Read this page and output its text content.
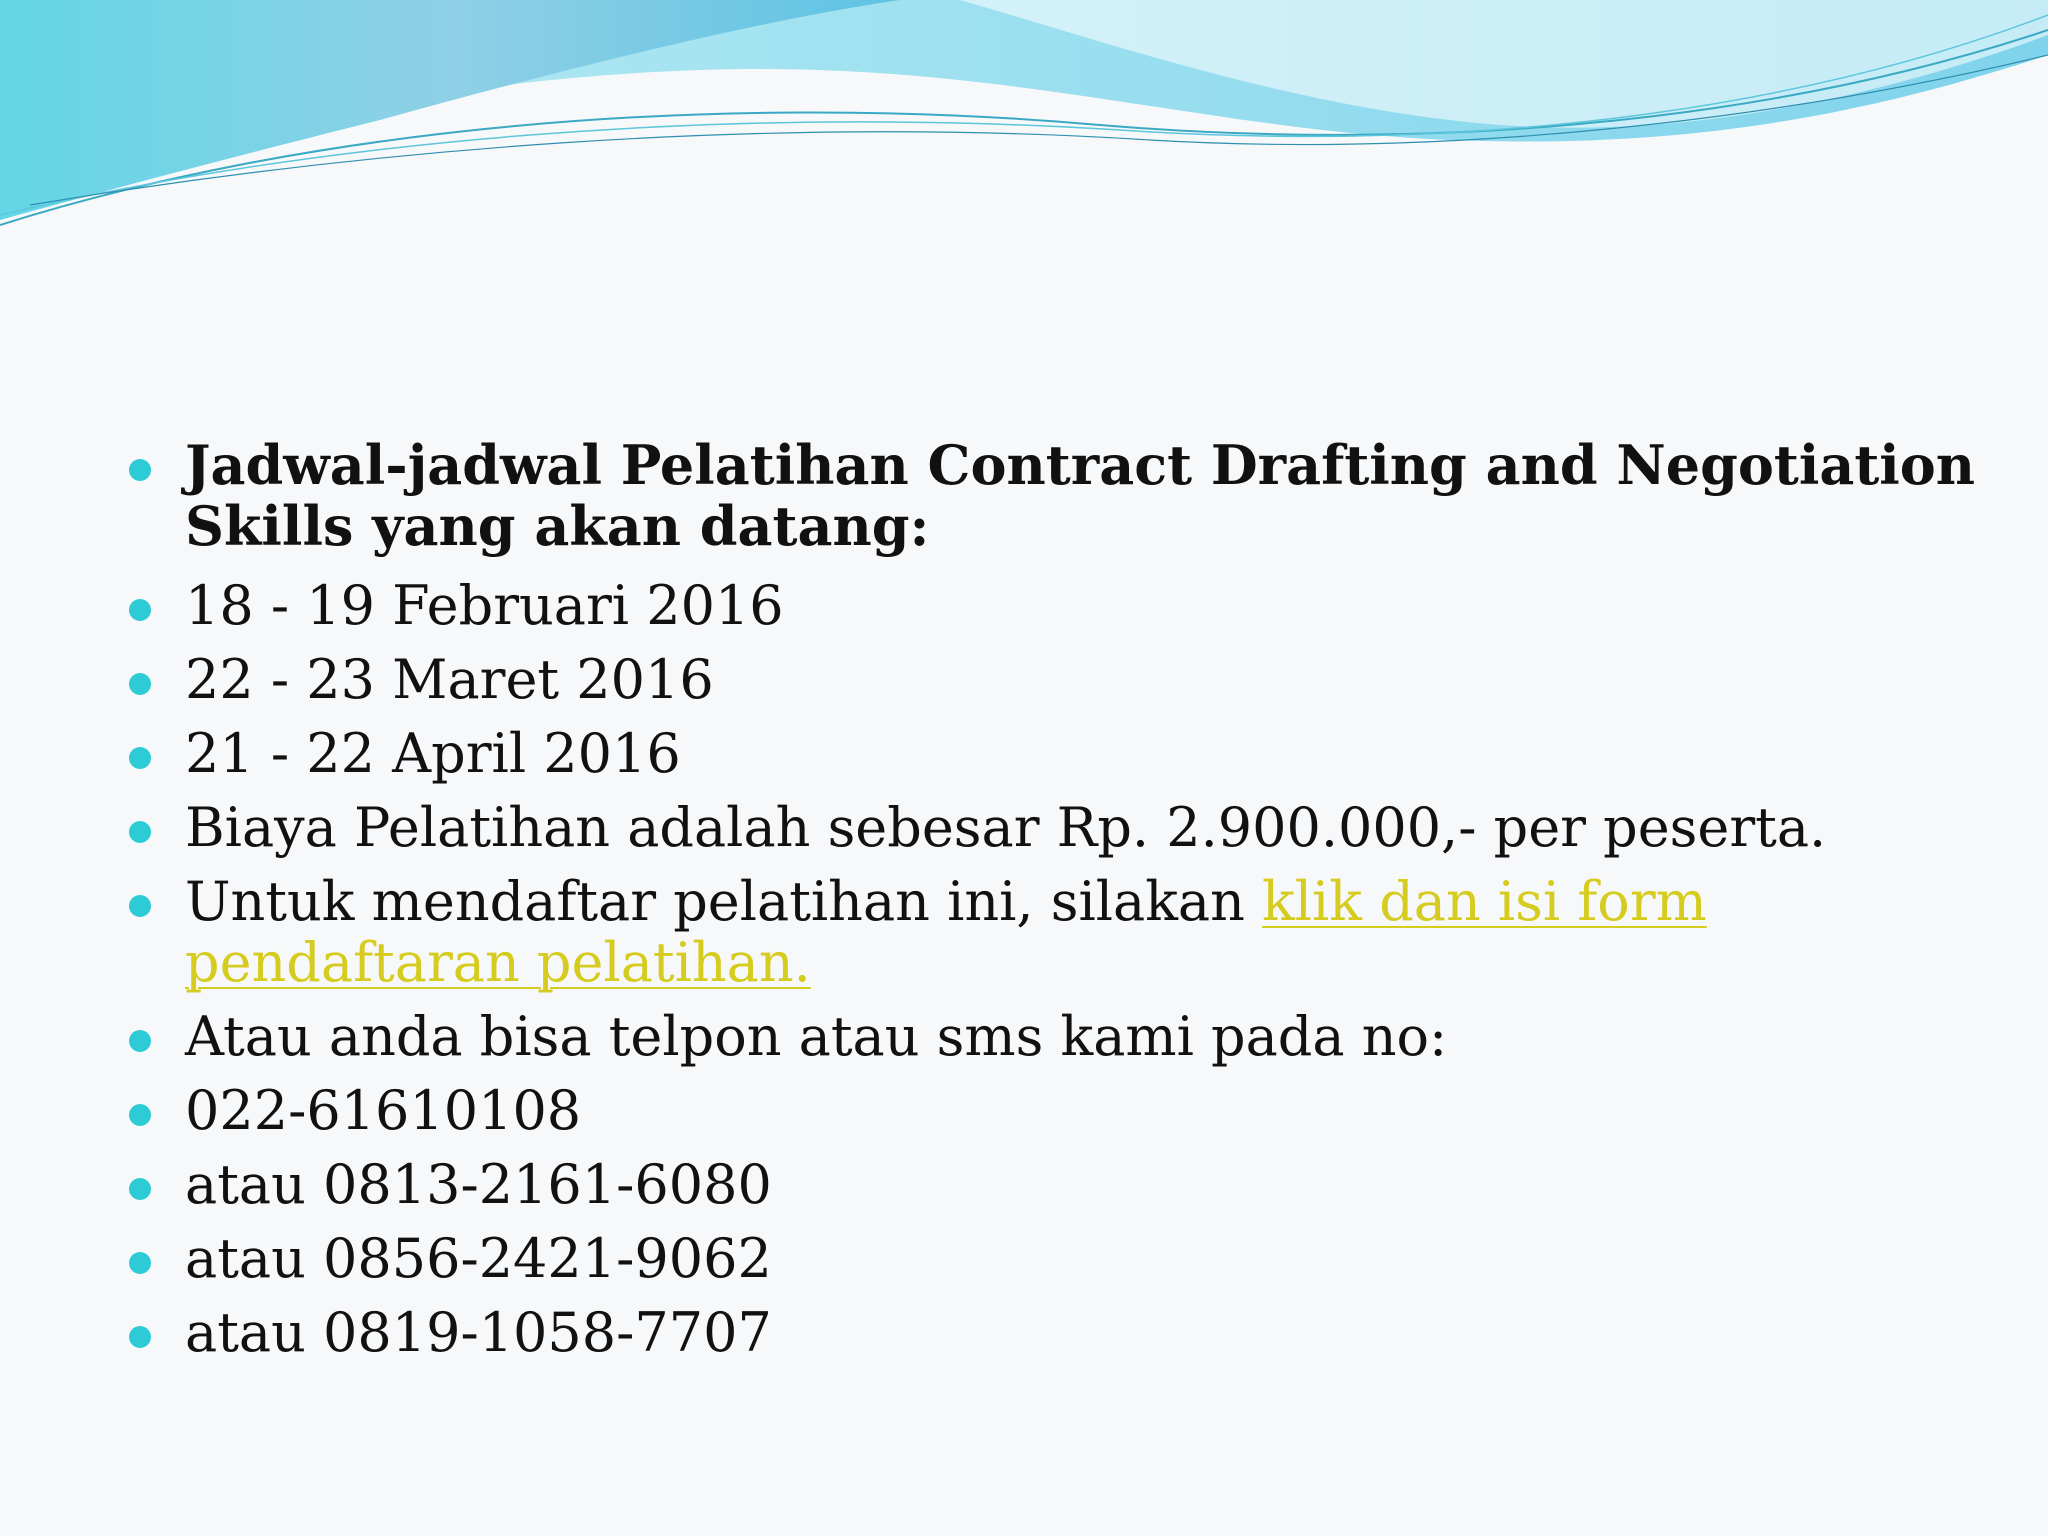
Jadwal-jadwal Pelatihan Contract Drafting and Negotiation Skills yang akan datang:
18 - 19 Februari 2016
22 - 23 Maret 2016
21 - 22 April 2016
Biaya Pelatihan adalah sebesar Rp. 2.900.000,- per peserta.
Untuk mendaftar pelatihan ini, silakan klik dan isi form pendaftaran pelatihan.
Atau anda bisa telpon atau sms kami pada no:
022-61610108
atau 0813-2161-6080
atau 0856-2421-9062
atau 0819-1058-7707
